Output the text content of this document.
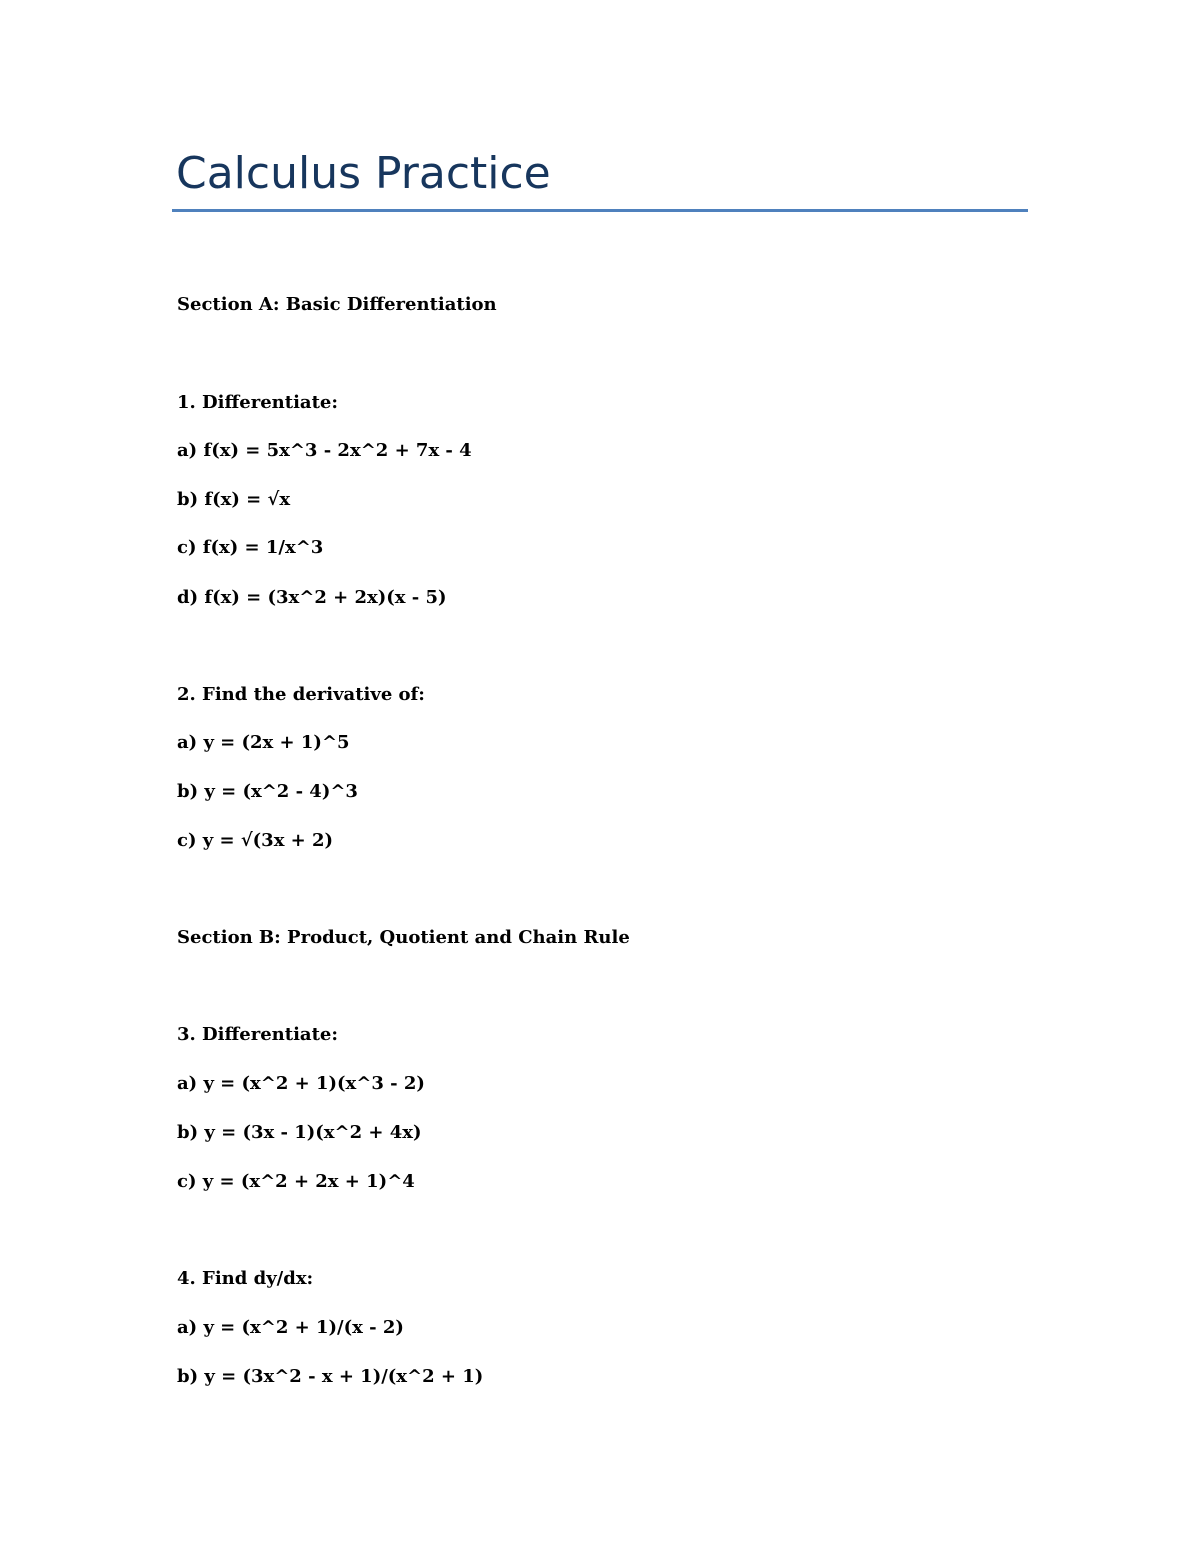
Calculus Practice

Section A: Basic Differentiation

1. Differentiate:

a) f(x) = 5x^3 - 2x^2 + 7x - 4

b) f(x) = √x

c) f(x) = 1/x^3

d) f(x) = (3x^2 + 2x)(x - 5)

2. Find the derivative of:

a) y = (2x + 1)^5

b) y = (x^2 - 4)^3

c) y = √(3x + 2)

Section B: Product, Quotient and Chain Rule

3. Differentiate:

a) y = (x^2 + 1)(x^3 - 2)

b) y = (3x - 1)(x^2 + 4x)

c) y = (x^2 + 2x + 1)^4

4. Find dy/dx:

a) y = (x^2 + 1)/(x - 2)

b) y = (3x^2 - x + 1)/(x^2 + 1)
